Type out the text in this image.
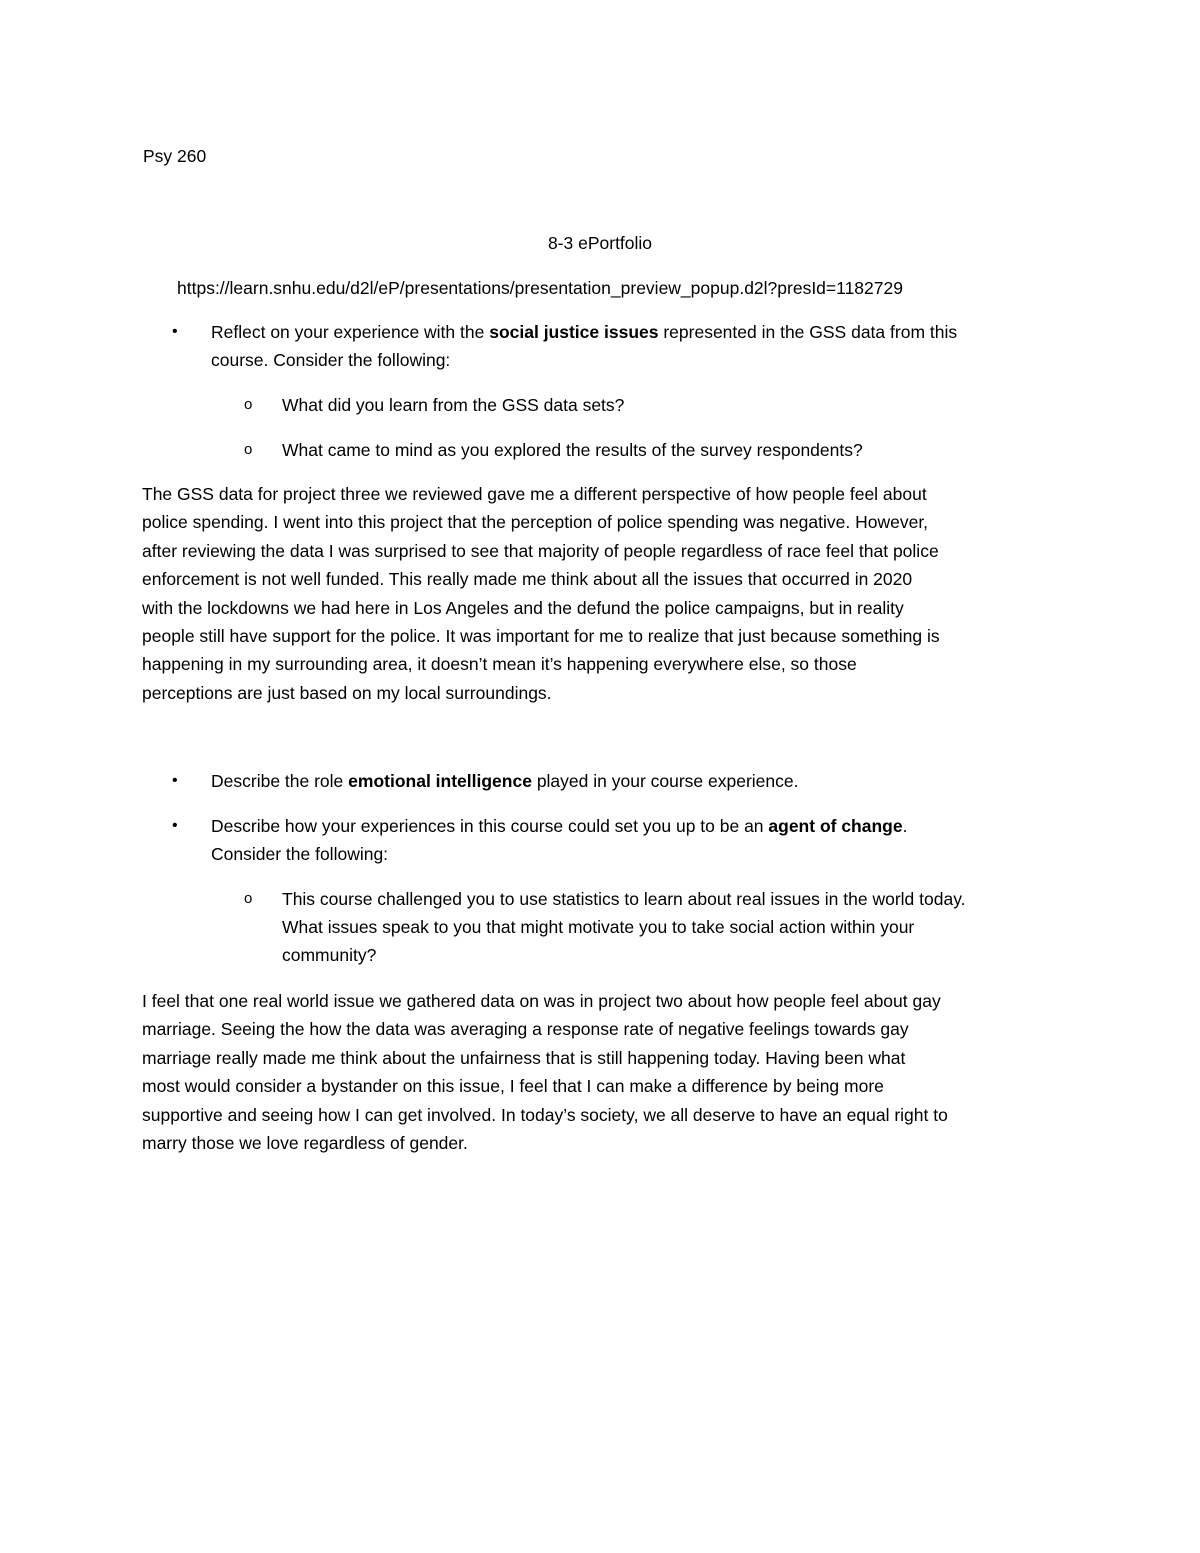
Psy 260
8-3 ePortfolio
https://learn.snhu.edu/d2l/eP/presentations/presentation_preview_popup.d2l?presId=1182729
•	Reflect on your experience with the social justice issues represented in the GSS data from this
course. Consider the following:
o What did you learn from the GSS data sets?
o What came to mind as you explored the results of the survey respondents?
The GSS data for project three we reviewed gave me a different perspective of how people feel about
police spending. I went into this project that the perception of police spending was negative. However,
after reviewing the data I was surprised to see that majority of people regardless of race feel that police
enforcement is not well funded. This really made me think about all the issues that occurred in 2020
with the lockdowns we had here in Los Angeles and the defund the police campaigns, but in reality
people still have support for the police. It was important for me to realize that just because something is
happening in my surrounding area, it doesn’t mean it’s happening everywhere else, so those
perceptions are just based on my local surroundings.
•	Describe the role emotional intelligence played in your course experience.
•	Describe how your experiences in this course could set you up to be an agent of change.
Consider the following:
o This course challenged you to use statistics to learn about real issues in the world today.
What issues speak to you that might motivate you to take social action within your
community?
I feel that one real world issue we gathered data on was in project two about how people feel about gay
marriage. Seeing the how the data was averaging a response rate of negative feelings towards gay
marriage really made me think about the unfairness that is still happening today. Having been what
most would consider a bystander on this issue, I feel that I can make a difference by being more
supportive and seeing how I can get involved. In today’s society, we all deserve to have an equal right to
marry those we love regardless of gender.
